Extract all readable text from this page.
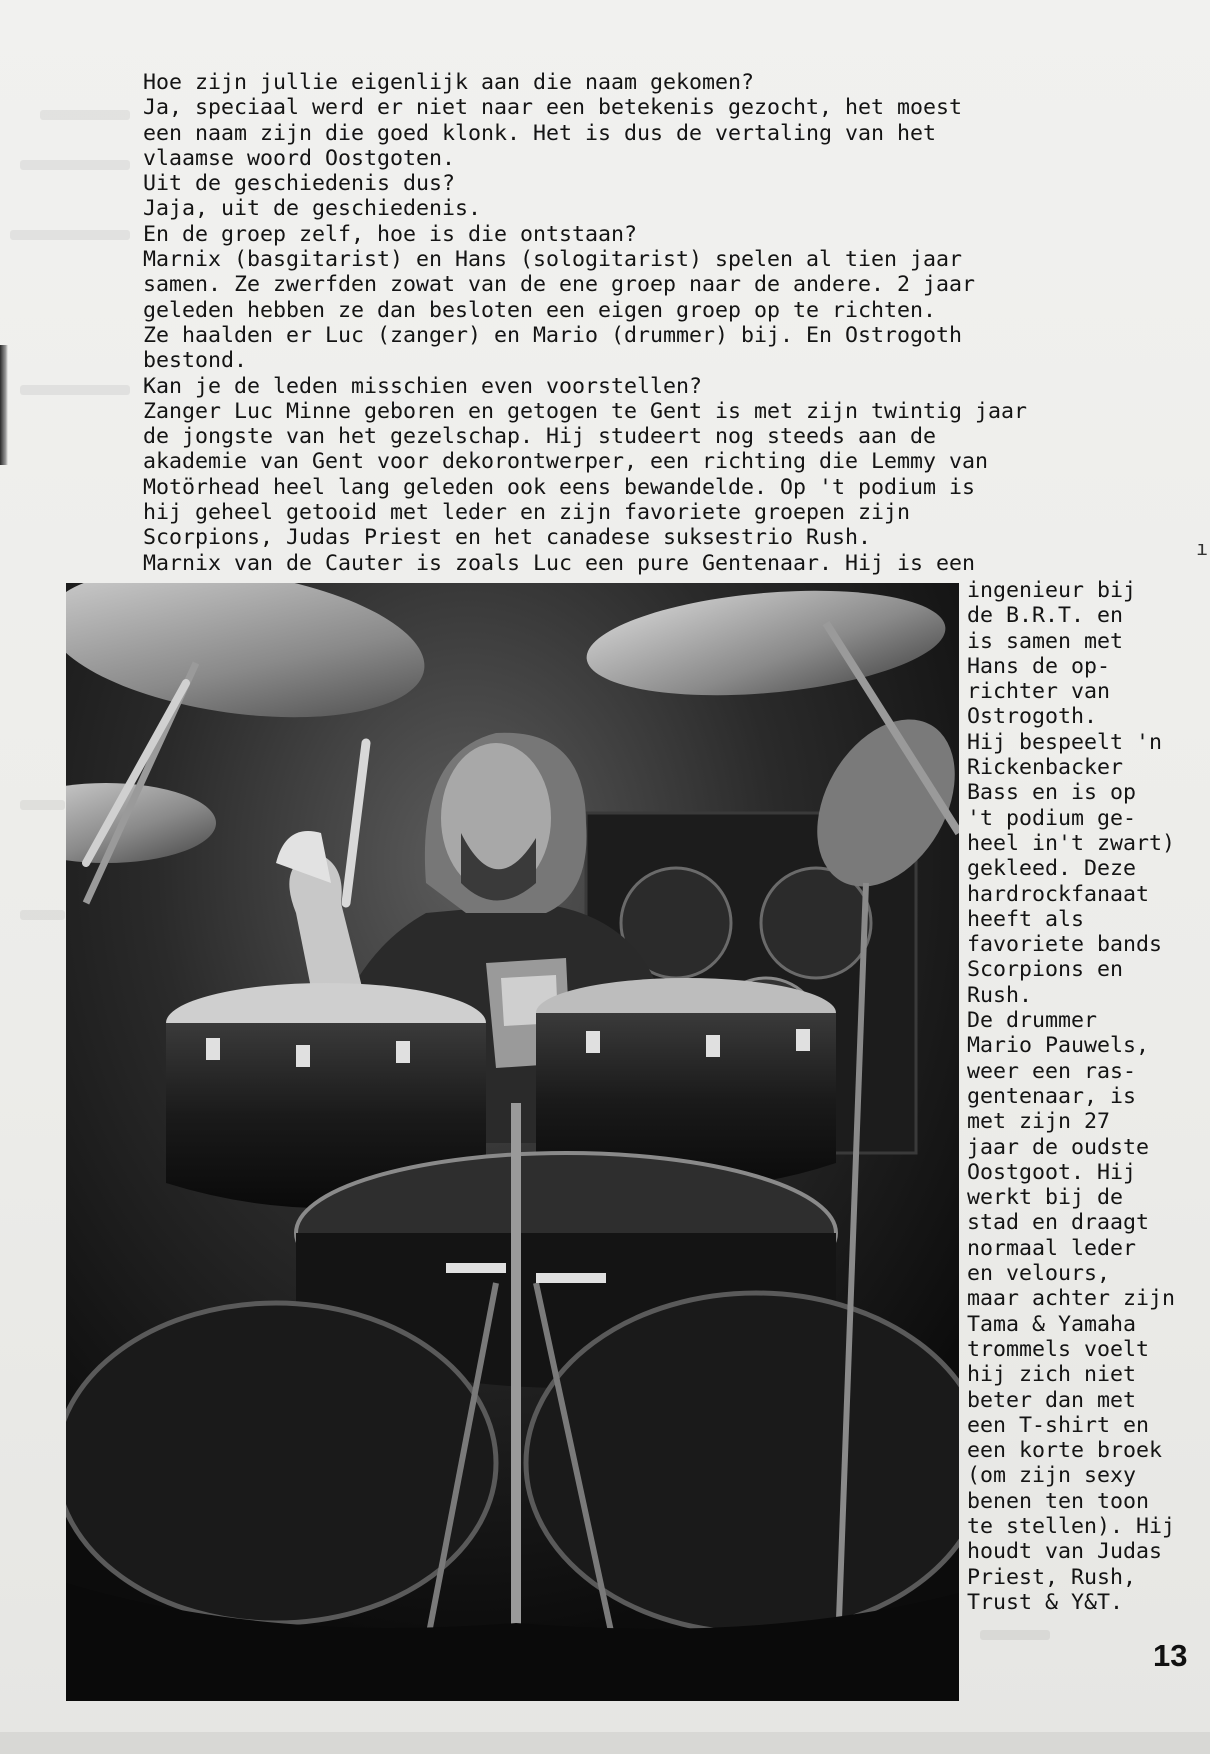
Hoe zijn jullie eigenlijk aan die naam gekomen?
Ja, speciaal werd er niet naar een betekenis gezocht, het moest
een naam zijn die goed klonk. Het is dus de vertaling van het
vlaamse woord Oostgoten.
Uit de geschiedenis dus?
Jaja, uit de geschiedenis.
En de groep zelf, hoe is die ontstaan?
Marnix (basgitarist) en Hans (sologitarist) spelen al tien jaar
samen. Ze zwerfden zowat van de ene groep naar de andere. 2 jaar
geleden hebben ze dan besloten een eigen groep op te richten.
Ze haalden er Luc (zanger) en Mario (drummer) bij. En Ostrogoth
bestond.
Kan je de leden misschien even voorstellen?
Zanger Luc Minne geboren en getogen te Gent is met zijn twintig jaar
de jongste van het gezelschap. Hij studeert nog steeds aan de
akademie van Gent voor dekorontwerper, een richting die Lemmy van
Motörhead heel lang geleden ook eens bewandelde. Op 't podium is
hij geheel getooid met leder en zijn favoriete groepen zijn
Scorpions, Judas Priest en het canadese suksestrio Rush.
Marnix van de Cauter is zoals Luc een pure Gentenaar. Hij is een
ingenieur bij
de B.R.T. en
is samen met
Hans de op-
richter van
Ostrogoth.
Hij bespeelt 'n
Rickenbacker
Bass en is op
't podium ge-
heel in't zwart)
gekleed. Deze
hardrockfanaat
heeft als
favoriete bands
Scorpions en
Rush.
De drummer
Mario Pauwels,
weer een ras-
gentenaar, is
met zijn 27
jaar de oudste
Oostgoot. Hij
werkt bij de
stad en draagt
normaal leder
en velours,
maar achter zijn
Tama & Yamaha
trommels voelt
hij zich niet
beter dan met
een T-shirt en
een korte broek
(om zijn sexy
benen ten toon
te stellen). Hij
houdt van Judas
Priest, Rush,
Trust & Y&T.
ı
13
